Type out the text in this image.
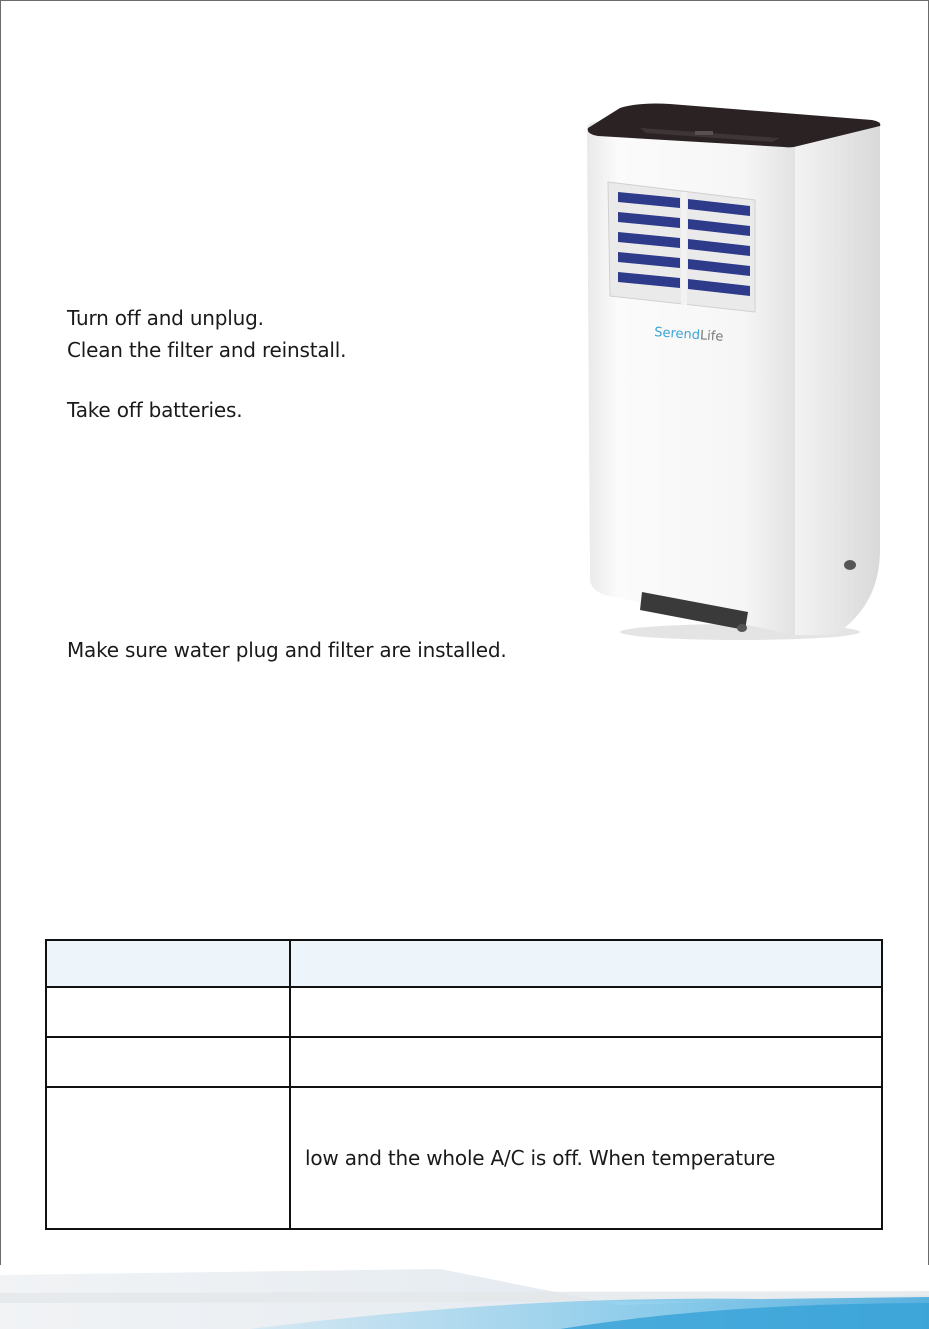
Turn off and unplug.
Clean the filter and reinstall.
Take off batteries.
Make sure water plug and filter are installed.
SerendLife

	low and the whole A/C is off. When temperature
